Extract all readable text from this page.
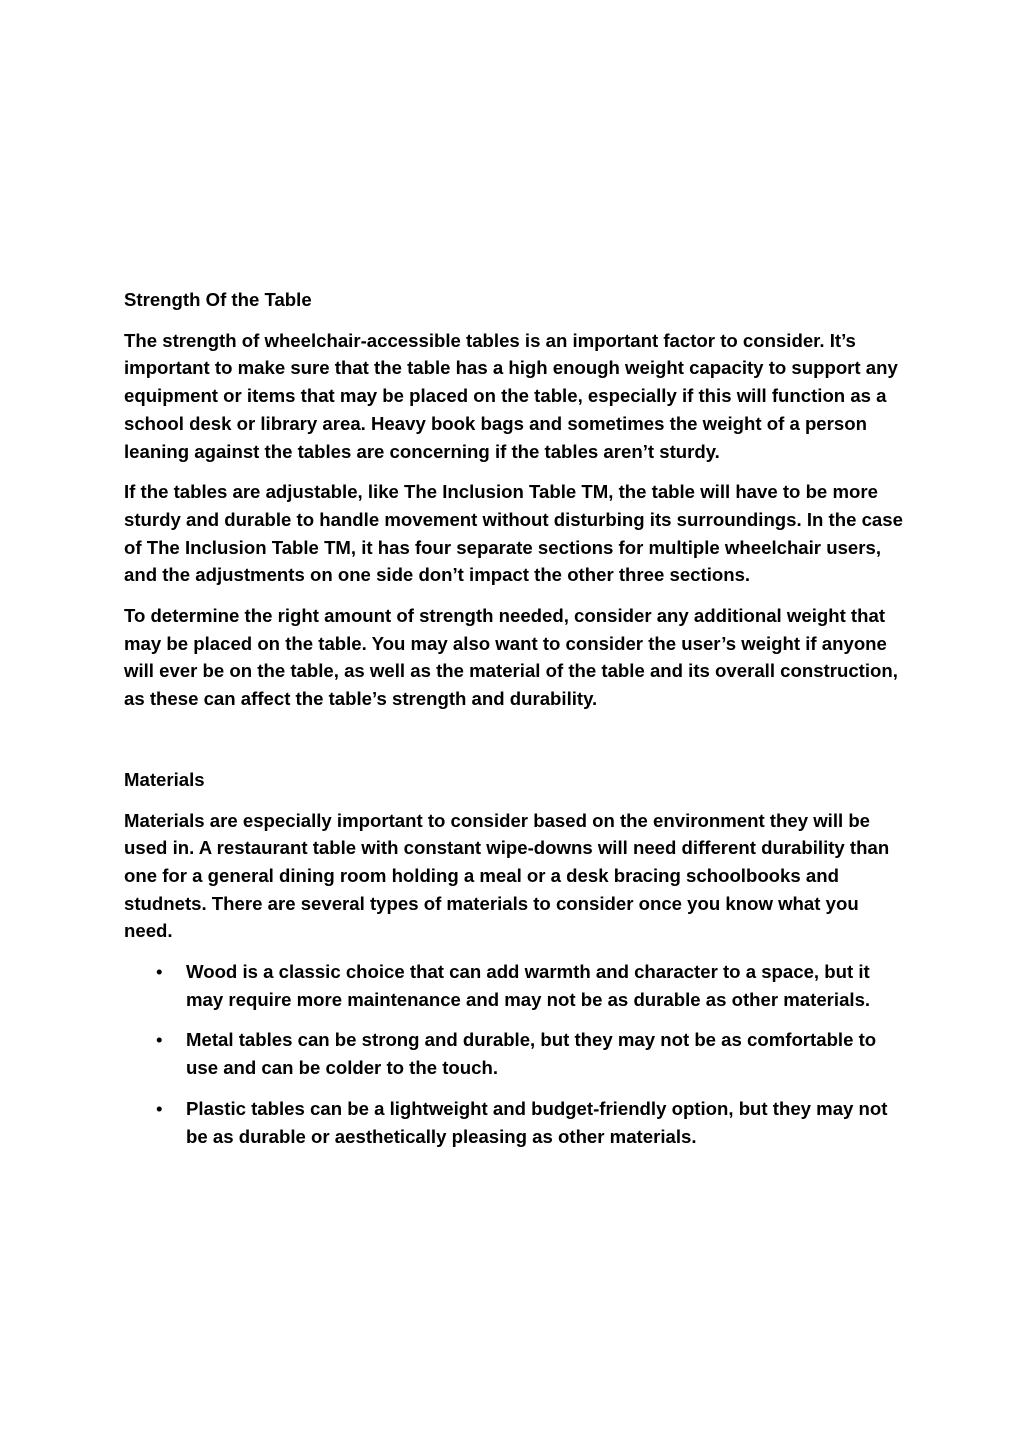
Strength Of the Table

The strength of wheelchair-accessible tables is an important factor to consider. It’s important to make sure that the table has a high enough weight capacity to support any equipment or items that may be placed on the table, especially if this will function as a school desk or library area. Heavy book bags and sometimes the weight of a person leaning against the tables are concerning if the tables aren’t sturdy.

If the tables are adjustable, like The Inclusion Table TM, the table will have to be more sturdy and durable to handle movement without disturbing its surroundings. In the case of The Inclusion Table TM, it has four separate sections for multiple wheelchair users, and the adjustments on one side don’t impact the other three sections.

To determine the right amount of strength needed, consider any additional weight that may be placed on the table. You may also want to consider the user’s weight if anyone will ever be on the table, as well as the material of the table and its overall construction, as these can affect the table’s strength and durability.

Materials

Materials are especially important to consider based on the environment they will be used in. A restaurant table with constant wipe-downs will need different durability than one for a general dining room holding a meal or a desk bracing schoolbooks and studnets. There are several types of materials to consider once you know what you need.

• Wood is a classic choice that can add warmth and character to a space, but it may require more maintenance and may not be as durable as other materials.
• Metal tables can be strong and durable, but they may not be as comfortable to use and can be colder to the touch.
• Plastic tables can be a lightweight and budget-friendly option, but they may not be as durable or aesthetically pleasing as other materials.
